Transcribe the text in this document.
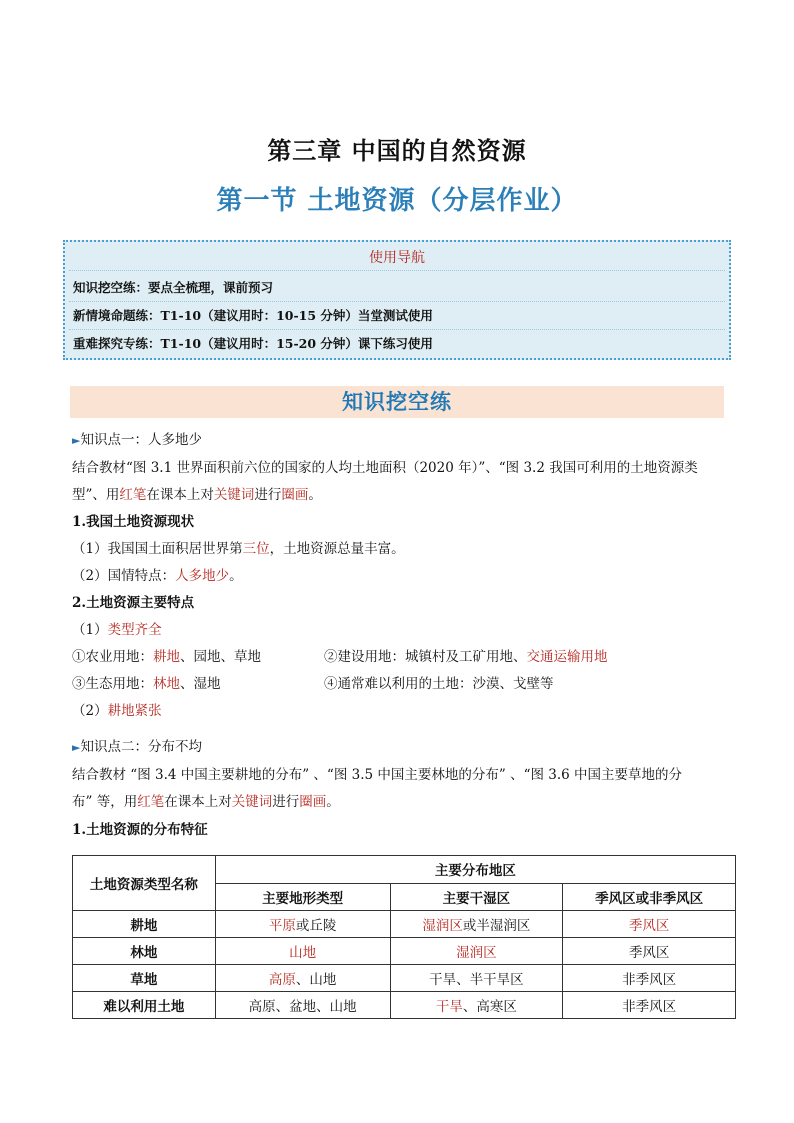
第三章 中国的自然资源
第一节 土地资源（分层作业）
使用导航
知识挖空练：要点全梳理，课前预习
新情境命题练：T1-10（建议用时：10-15 分钟）当堂测试使用
重难探究专练：T1-10（建议用时：15-20 分钟）课下练习使用
知识挖空练
►知识点一：人多地少
结合教材“图 3.1 世界面积前六位的国家的人均土地面积（2020 年）”、“图 3.2 我国可利用的土地资源类
型”、用红笔在课本上对关键词进行圈画。
1.我国土地资源现状
（1）我国国土面积居世界第三位，土地资源总量丰富。
（2）国情特点：人多地少。
2.土地资源主要特点
（1）类型齐全
①农业用地：耕地、园地、草地	②建设用地：城镇村及工矿用地、交通运输用地
③生态用地：林地、湿地	④通常难以利用的土地：沙漠、戈壁等
（2）耕地紧张
►知识点二：分布不均
结合教材 “图 3.4 中国主要耕地的分布” 、“图 3.5 中国主要林地的分布” 、“图 3.6 中国主要草地的分
布” 等，用红笔在课本上对关键词进行圈画。
1.土地资源的分布特征
土地资源类型名称	主要分布地区		
	主要地形类型	主要干湿区	季风区或非季风区
耕地	平原或丘陵	湿润区或半湿润区	季风区
林地	山地	湿润区	季风区
草地	高原、山地	干旱、半干旱区	非季风区
难以利用土地	高原、盆地、山地	干旱、高寒区	非季风区
